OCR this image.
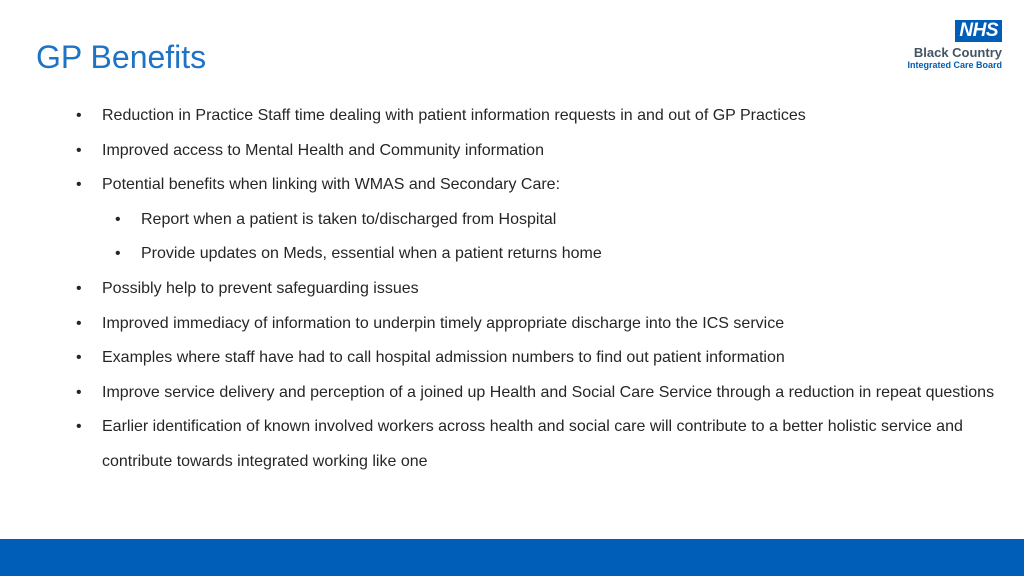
GP Benefits
NHS
Black Country
Integrated Care Board
• Reduction in Practice Staff time dealing with patient information requests in and out of GP Practices
• Improved access to Mental Health and Community information
• Potential benefits when linking with WMAS and Secondary Care:
• Report when a patient is taken to/discharged from Hospital
• Provide updates on Meds, essential when a patient returns home
• Possibly help to prevent safeguarding issues
• Improved immediacy of information to underpin timely appropriate discharge into the ICS service
• Examples where staff have had to call hospital admission numbers to find out patient information
• Improve service delivery and perception of a joined up Health and Social Care Service through a reduction in repeat questions
• Earlier identification of known involved workers across health and social care will contribute to a better holistic service and contribute towards integrated working like one
